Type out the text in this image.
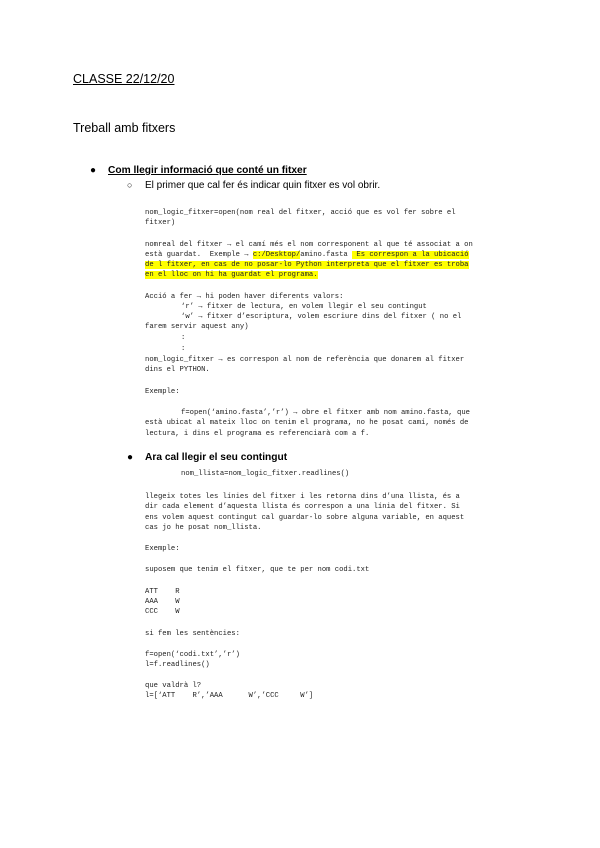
CLASSE 22/12/20
Treball amb fitxers
● Com llegir informació que conté un fitxer
○ El primer que cal fer és indicar quin fitxer es vol obrir.
nom_logic_fitxer=open(nom real del fitxer, acció que es vol fer sobre el
fitxer)
nomreal del fitxer → el camí més el nom corresponent al que té associat a on
està guardat.  Exemple → c:/Desktop/amino.fasta  Es correspon a la ubicació
de l fitxer, en cas de no posar-lo Python interpreta que el fitxer es troba
en el lloc on hi ha guardat el programa.
Acció a fer → hi poden haver diferents valors:
‘r’ → fitxer de lectura, en volem llegir el seu contingut
‘w’ → fitxer d’escriptura, volem escriure dins del fitxer ( no el
farem servir aquest any)
:
:
nom_logic_fitxer → es correspon al nom de referència que donarem al fitxer
dins el PYTHON.
Exemple:
f=open(‘amino.fasta’,’r’) → obre el fitxer amb nom amino.fasta, que
està ubicat al mateix lloc on tenim el programa, no he posat camí, només de
lectura, i dins el programa es referenciarà com a f.
● Ara cal llegir el seu contingut
nom_llista=nom_logic_fitxer.readlines()
llegeix totes les línies del fitxer i les retorna dins d’una llista, és a
dir cada element d’aquesta llista és correspon a una línia del fitxer. Si
ens volem aquest contingut cal guardar-lo sobre alguna variable, en aquest
cas jo he posat nom_llista.
Exemple:
suposem que tenim el fitxer, que te per nom codi.txt
ATT    R
AAA    W
CCC    W
si fem les sentències:
f=open(‘codi.txt’,’r’)
l=f.readlines()
que valdrà l?
l=[‘ATT    R’,’AAA      W’,’CCC     W’]
